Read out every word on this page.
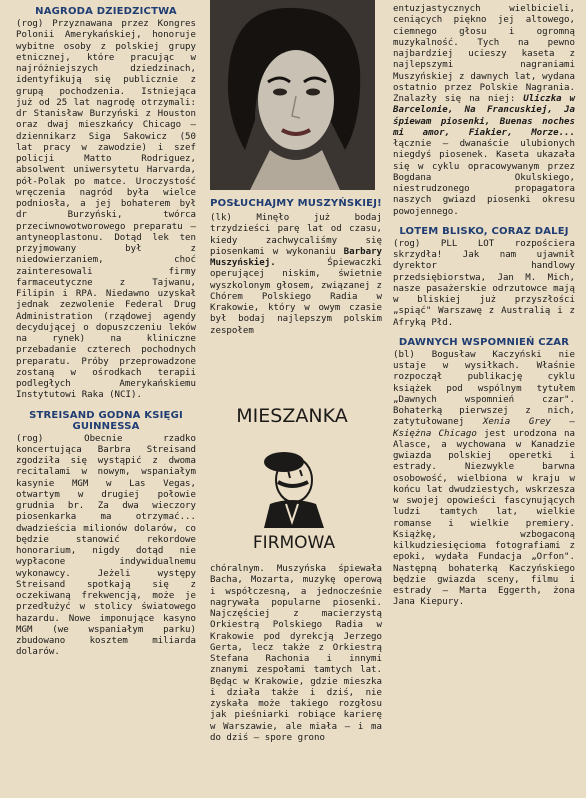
NAGRODA DZIEDZICTWA

(rog) Przyznawana przez Kongres Polonii Amerykańskiej, honoruje wybitne osoby z polskiej grupy etnicznej, które pracując w najróżniejszych dziedzinach, identyfikują się publicznie z grupą pochodzenia. Istniejąca już od 25 lat nagrodę otrzymali: dr Stanisław Burzyński z Houston oraz dwaj mieszkańcy Chicago — dziennikarz Siga Sakowicz (50 lat pracy w zawodzie) i szef policji Matto Rodriguez, absolwent uniwersytetu Harvarda, pół-Polak po matce. Uroczystość wręczenia nagród była wielce podniosła, a jej bohaterem był dr Burzyński, twórca przeciwnowotworowego preparatu — antyneoplastonu. Dotąd lek ten przyjmowany był z niedowierzaniem, choć zainteresowali firmy farmaceutyczne z Tajwanu, Filipin i RPA. Niedawno uzyskał jednak zezwolenie Federal Drug Administration (rządowej agendy decydującej o dopuszczeniu leków na rynek) na kliniczne przebadanie czterech pochodnych preparatu. Próby przeprowadzone zostaną w ośrodkach terapii podległych Amerykańskiemu Instytutowi Raka (NCI).

STREISAND GODNA KSIĘGI GUINNESSA

(rog) Obecnie rzadko koncertująca Barbra Streisand zgodziła się wystąpić z dwoma recitalami w nowym, wspaniałym kasynie MGM w Las Vegas, otwartym w drugiej połowie grudnia br. Za dwa wieczory piosenkarka ma otrzymać... dwadzieścia milionów dolarów, co będzie stanowić rekordowe honorarium, nigdy dotąd nie wypłacone indywidualnemu wykonawcy. Jeżeli występy Streisand spotkają się z oczekiwaną frekwencją, może je przedłużyć w stolicy światowego hazardu. Nowe imponujące kasyno MGM (we wspaniałym parku) zbudowano kosztem miliarda dolarów.

POSŁUCHAJMY MUSZYŃSKIEJ!

(lk) Minęło już bodaj trzydzieści parę lat od czasu, kiedy zachwycaliśmy się piosenkami w wykonaniu Barbary Muszyńskiej.	Śpiewaczki operującej niskim, świetnie wyszkolonym głosem, związanej z Chórem Polskiego Radia w Krakowie, który w owym czasie był bodaj najlepszym polskim zespołem

MIESZANKA
FIRMOWA

chóralnym. Muszyńska śpiewała Bacha, Mozarta, muzykę operową i współczesną, a jednocześnie nagrywała popularne piosenki. Najczęściej z macierzystą Orkiestrą Polskiego Radia w Krakowie pod dyrekcją Jerzego Gerta, lecz także z Orkiestrą Stefana Rachonia i innymi znanymi zespołami tamtych lat. Będąc w Krakowie, gdzie mieszka i działa także i dziś, nie zyskała może takiego rozgłosu jak pieśniarki robiące karierę w Warszawie, ale miała — i ma do dziś — spore grono

entuzjastycznych wielbicieli, ceniących piękno jej altowego, ciemnego głosu i ogromną muzykalność. Tych na pewno najbardziej ucieszy kaseta z najlepszymi nagraniami Muszyńskiej z dawnych lat, wydana ostatnio przez Polskie Nagrania. Znalazły się na niej: Uliczka w Barcelonie, Na Francuskiej, Ja śpiewam piosenki, Buenas noches mi amor, Fiakier, Morze... łącznie — dwanaście ulubionych niegdyś piosenek. Kaseta ukazała się w cyklu opracowywanym przez Bogdana Okulskiego, niestrudzonego propagatora naszych gwiazd piosenki okresu powojennego.

LOTEM BLISKO, CORAZ DALEJ

(rog) PLL LOT rozpościera skrzydła! Jak nam ujawnił dyrektor handlowy przedsiębiorstwa, Jan M. Mich, nasze pasażerskie odrzutowce mają w bliskiej już przyszłości „spiąć" Warszawę z Australią i z Afryką Płd.

DAWNYCH WSPOMNIEŃ CZAR

(bl) Bogusław Kaczyński nie ustaje w wysiłkach. Właśnie rozpoczął publikację cyklu książek pod wspólnym tytułem „Dawnych wspomnień czar". Bohaterką pierwszej z nich, zatytułowanej Xenia Grey — Księżna Chicago jest urodzona na Alasce, a wychowana w Kanadzie gwiazda polskiej operetki i estrady. Niezwykle barwna osobowość, wielbiona w kraju w końcu lat dwudziestych, wskrzesza w swojej opowieści fascynujących ludzi tamtych lat, wielkie romanse i wielkie premiery. Książkę, wzbogaconą kilkudziesięcioma fotografiami z epoki, wydała Fundacja „Orfon". Następną bohaterką Kaczyńskiego będzie gwiazda sceny, filmu i estrady — Marta Eggerth, żona Jana Kiepury.
